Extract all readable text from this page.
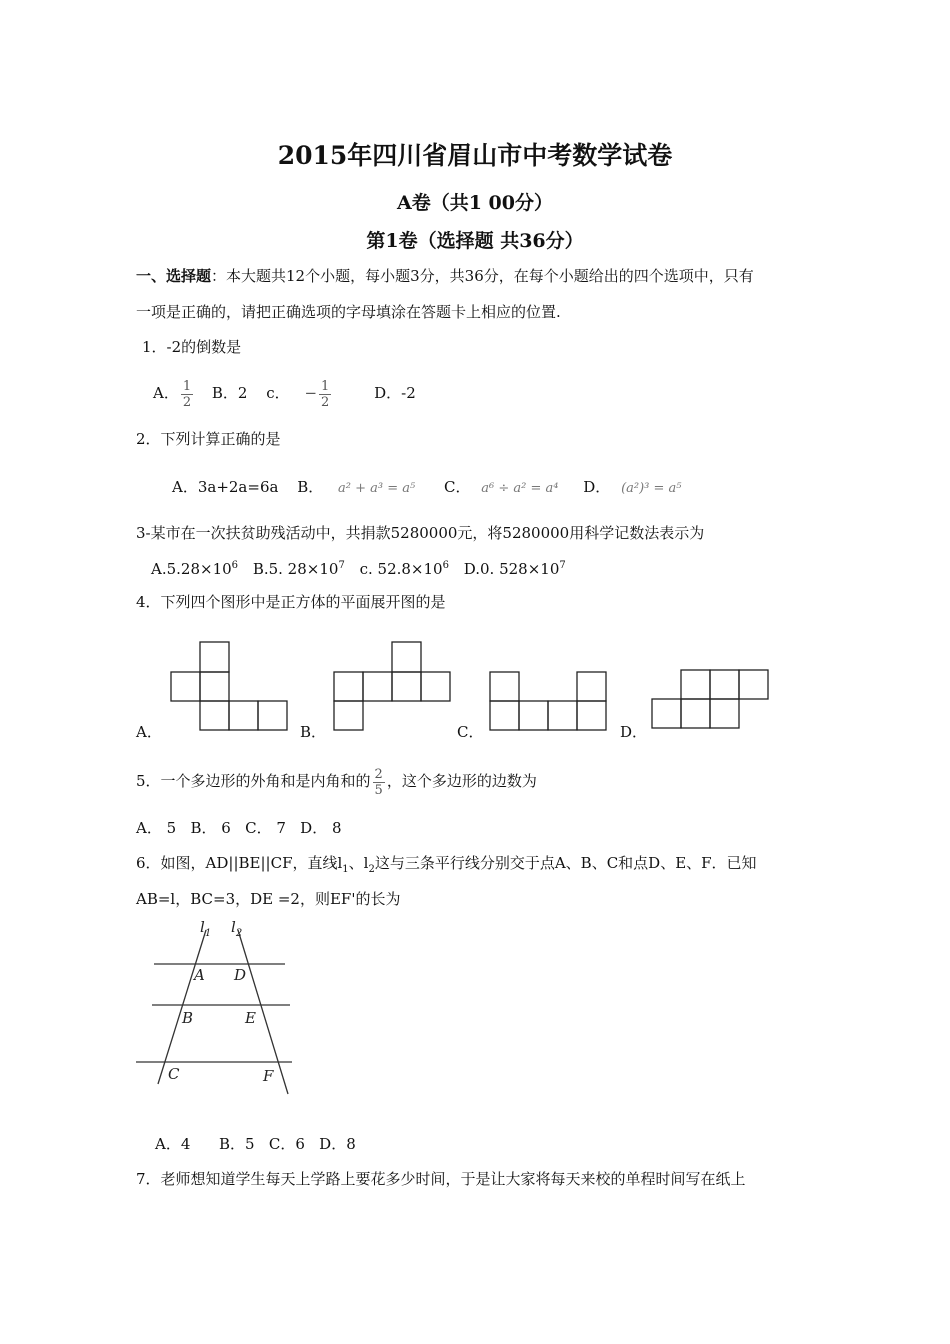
2015年四川省眉山市中考数学试卷
A卷（共1 00分）
第1卷（选择题 共36分）
一、选择题：本大题共12个小题，每小题3分，共36分，在每个小题给出的四个选项中，只有
一项是正确的，请把正确选项的字母填涂在答题卡上相应的位置.
1．-2的倒数是
A． $\frac{1}{2}$ B．2 c． − $\frac{1}{2}$	D．-2
2．下列计算正确的是
A．3a+2a=6a B． a² + a³ = a⁵ C． a⁶ ÷ a² = a⁴ D． (a²)³ = a⁵
3-某市在一次扶贫助残活动中，共捐款5280000元，将5280000用科学记数法表示为
$A.5.28\times 10^6$ B.5. $28\times 10^7$ c. $52.8\times 10^6$ D.0. $528\times 10^7$
4．下列四个图形中是正方体的平面展开图的是
A．	B．	C．	D．
5．一个多边形的外角和是内角和的 $\frac{2}{5}$ ，这个多边形的边数为
A． 5   B． 6   C． 7   D． 8
6．如图，AD||BE||CF，直线$l_1$、$l_2$这与三条平行线分别交于点A、B、C和点D、E、F．已知
AB=l，BC=3，DE =2，则EF'的长为
$l_1$ $l_2$
A D
B	E
C	F
A．4      B．5   C．6   D．8
7．老师想知道学生每天上学路上要花多少时间，于是让大家将每天来校的单程时间写在纸上
